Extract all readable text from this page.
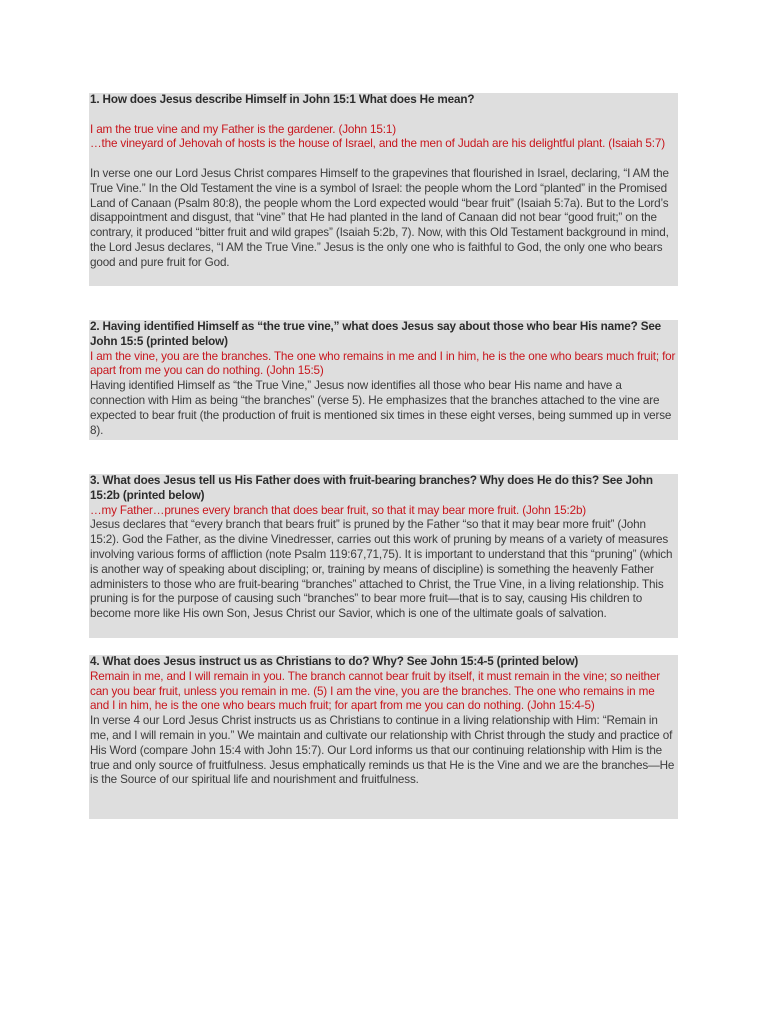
1. How does Jesus describe Himself in John 15:1 What does He mean?

I am the true vine and my Father is the gardener. (John 15:1)

…the vineyard of Jehovah of hosts is the house of Israel, and the men of Judah are his delightful plant. (Isaiah 5:7)

In verse one our Lord Jesus Christ compares Himself to the grapevines that flourished in Israel, declaring, “I AM the True Vine.” In the Old Testament the vine is a symbol of Israel: the people whom the Lord “planted” in the Promised Land of Canaan (Psalm 80:8), the people whom the Lord expected would “bear fruit” (Isaiah 5:7a). But to the Lord’s disappointment and disgust, that “vine” that He had planted in the land of Canaan did not bear “good fruit;” on the contrary, it produced “bitter fruit and wild grapes” (Isaiah 5:2b, 7). Now, with this Old Testament background in mind, the Lord Jesus declares, “I AM the True Vine.” Jesus is the only one who is faithful to God, the only one who bears good and pure fruit for God.

2. Having identified Himself as “the true vine,” what does Jesus say about those who bear His name? See John 15:5 (printed below)

I am the vine, you are the branches. The one who remains in me and I in him, he is the one who bears much fruit; for apart from me you can do nothing. (John 15:5)

Having identified Himself as “the True Vine,” Jesus now identifies all those who bear His name and have a connection with Him as being “the branches” (verse 5). He emphasizes that the branches attached to the vine are expected to bear fruit (the production of fruit is mentioned six times in these eight verses, being summed up in verse 8).

3. What does Jesus tell us His Father does with fruit-bearing branches? Why does He do this? See John 15:2b (printed below)

…my Father…prunes every branch that does bear fruit, so that it may bear more fruit. (John 15:2b)

Jesus declares that “every branch that bears fruit” is pruned by the Father “so that it may bear more fruit” (John 15:2). God the Father, as the divine Vinedresser, carries out this work of pruning by means of a variety of measures involving various forms of affliction (note Psalm 119:67,71,75). It is important to understand that this “pruning” (which is another way of speaking about discipling; or, training by means of discipline) is something the heavenly Father administers to those who are fruit-bearing “branches” attached to Christ, the True Vine, in a living relationship. This pruning is for the purpose of causing such “branches” to bear more fruit—that is to say, causing His children to become more like His own Son, Jesus Christ our Savior, which is one of the ultimate goals of salvation.

4. What does Jesus instruct us as Christians to do? Why? See John 15:4-5 (printed below)

Remain in me, and I will remain in you. The branch cannot bear fruit by itself, it must remain in the vine; so neither can you bear fruit, unless you remain in me. (5) I am the vine, you are the branches. The one who remains in me and I in him, he is the one who bears much fruit; for apart from me you can do nothing. (John 15:4-5)

In verse 4 our Lord Jesus Christ instructs us as Christians to continue in a living relationship with Him: “Remain in me, and I will remain in you.” We maintain and cultivate our relationship with Christ through the study and practice of His Word (compare John 15:4 with John 15:7). Our Lord informs us that our continuing relationship with Him is the true and only source of fruitfulness. Jesus emphatically reminds us that He is the Vine and we are the branches—He is the Source of our spiritual life and nourishment and fruitfulness.
